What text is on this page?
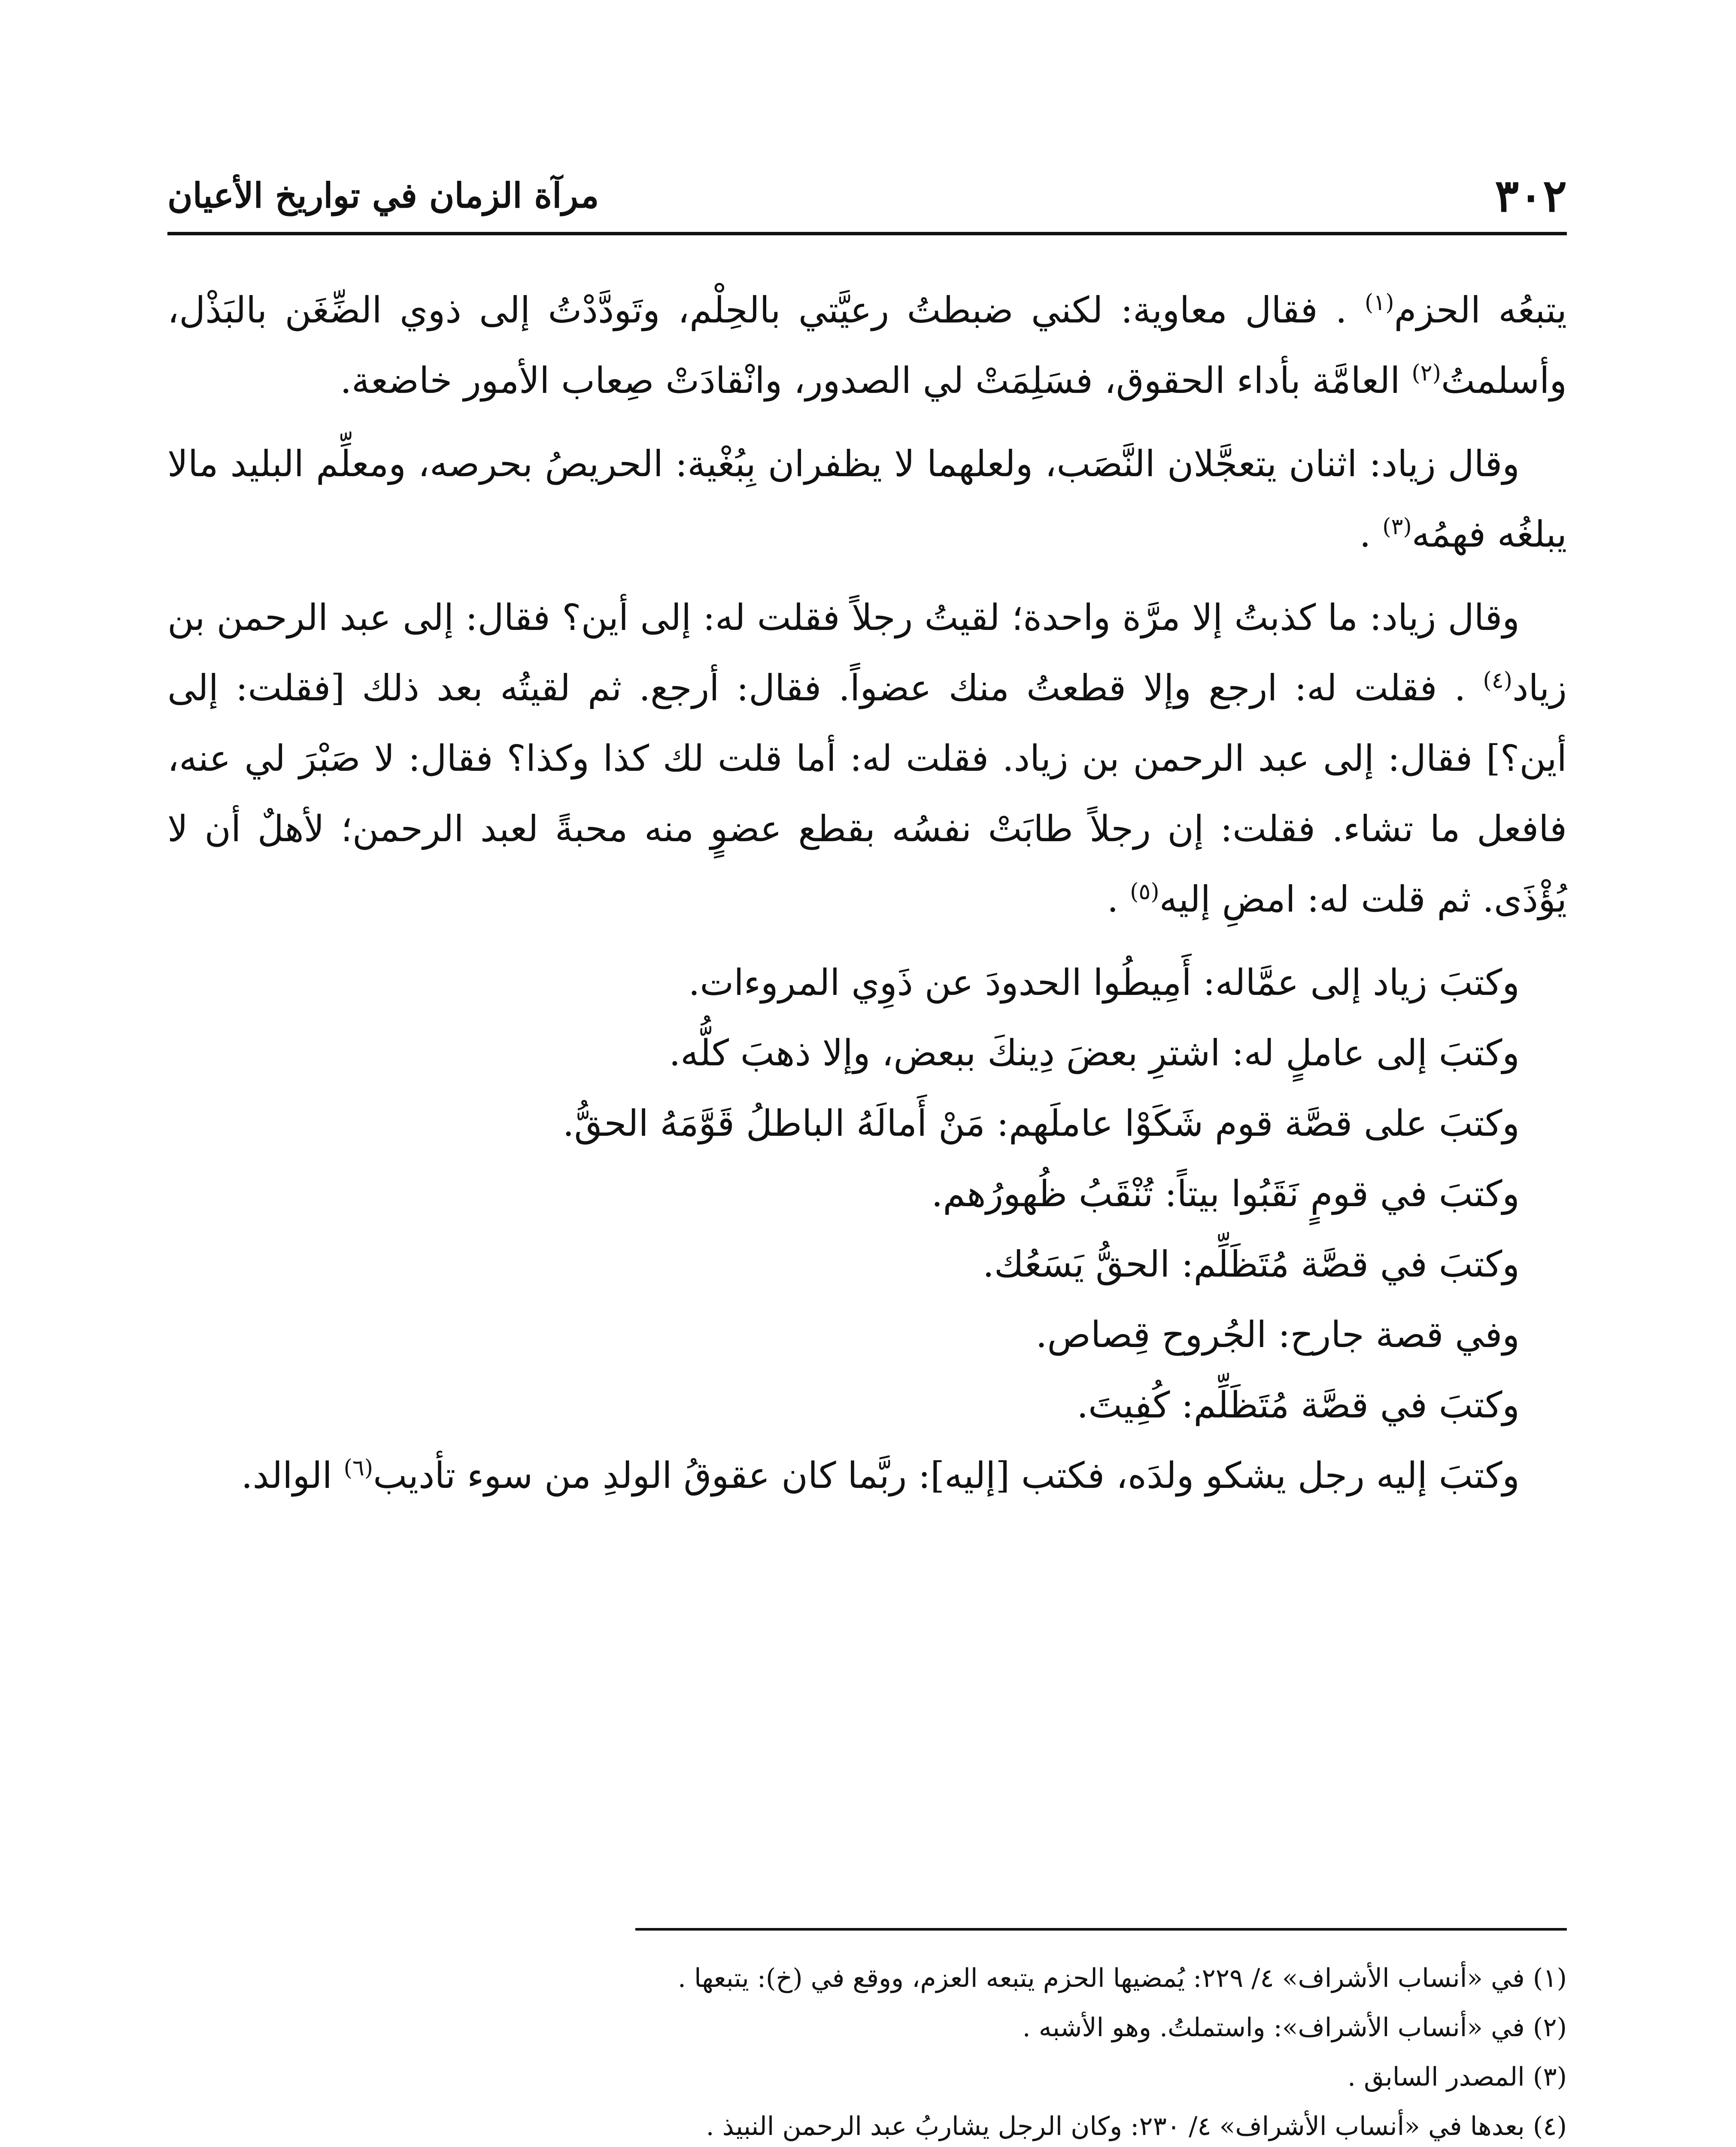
٣٠٢
مرآة الزمان في تواريخ الأعيان

يتبعُه الحزم$^{(١)}$ . فقال معاوية: لكني ضبطتُ رعيَّتي بالحِلْم، وتَودَّدْتُ إلى ذوي الضِّغَن بالبَذْل، وأسلمتُ$^{(٢)}$ العامَّة بأداء الحقوق، فسَلِمَتْ لي الصدور، وانْقادَتْ صِعاب الأمور خاضعة.

وقال زياد: اثنان يتعجَّلان النَّصَب، ولعلهما لا يظفران بِبُغْية: الحريصُ بحرصه، ومعلِّم البليد مالا يبلغُه فهمُه$^{(٣)}$ .

وقال زياد: ما كذبتُ إلا مرَّة واحدة؛ لقيتُ رجلاً فقلت له: إلى أين؟ فقال: إلى عبد الرحمن بن زياد$^{(٤)}$ . فقلت له: ارجع وإلا قطعتُ منك عضواً. فقال: أرجع. ثم لقيتُه بعد ذلك [فقلت: إلى أين؟] فقال: إلى عبد الرحمن بن زياد. فقلت له: أما قلت لك كذا وكذا؟ فقال: لا صَبْرَ لي عنه، فافعل ما تشاء. فقلت: إن رجلاً طابَتْ نفسُه بقطع عضوٍ منه محبةً لعبد الرحمن؛ لأهلٌ أن لا يُؤْذَى. ثم قلت له: امضِ إليه$^{(٥)}$ .

وكتبَ زياد إلى عمَّاله: أَمِيطُوا الحدودَ عن ذَوِي المروءات.

وكتبَ إلى عاملٍ له: اشترِ بعضَ دِينكَ ببعض، وإلا ذهبَ كلُّه.

وكتبَ على قصَّة قوم شَكَوْا عاملَهم: مَنْ أَمالَهُ الباطلُ قَوَّمَهُ الحقُّ.

وكتبَ في قومٍ نَقَبُوا بيتاً: تُنْقَبُ ظُهورُهم.

وكتبَ في قصَّة مُتَظَلِّم: الحقُّ يَسَعُك.

وفي قصة جارح: الجُروح قِصاص.

وكتبَ في قصَّة مُتَظَلِّم: كُفِيتَ.

وكتبَ إليه رجل يشكو ولدَه، فكتب [إليه]: ربَّما كان عقوقُ الولدِ من سوء تأديب$^{(٦)}$ الوالد.

(١) في «أنساب الأشراف» ٤/ ٢٢٩: يُمضيها الحزم يتبعه العزم، ووقع في (خ): يتبعها .

(٢) في «أنساب الأشراف»: واستملتُ. وهو الأشبه .

(٣) المصدر السابق .

(٤) بعدها في «أنساب الأشراف» ٤/ ٢٣٠: وكان الرجل يشاربُ عبد الرحمن النبيذ .
